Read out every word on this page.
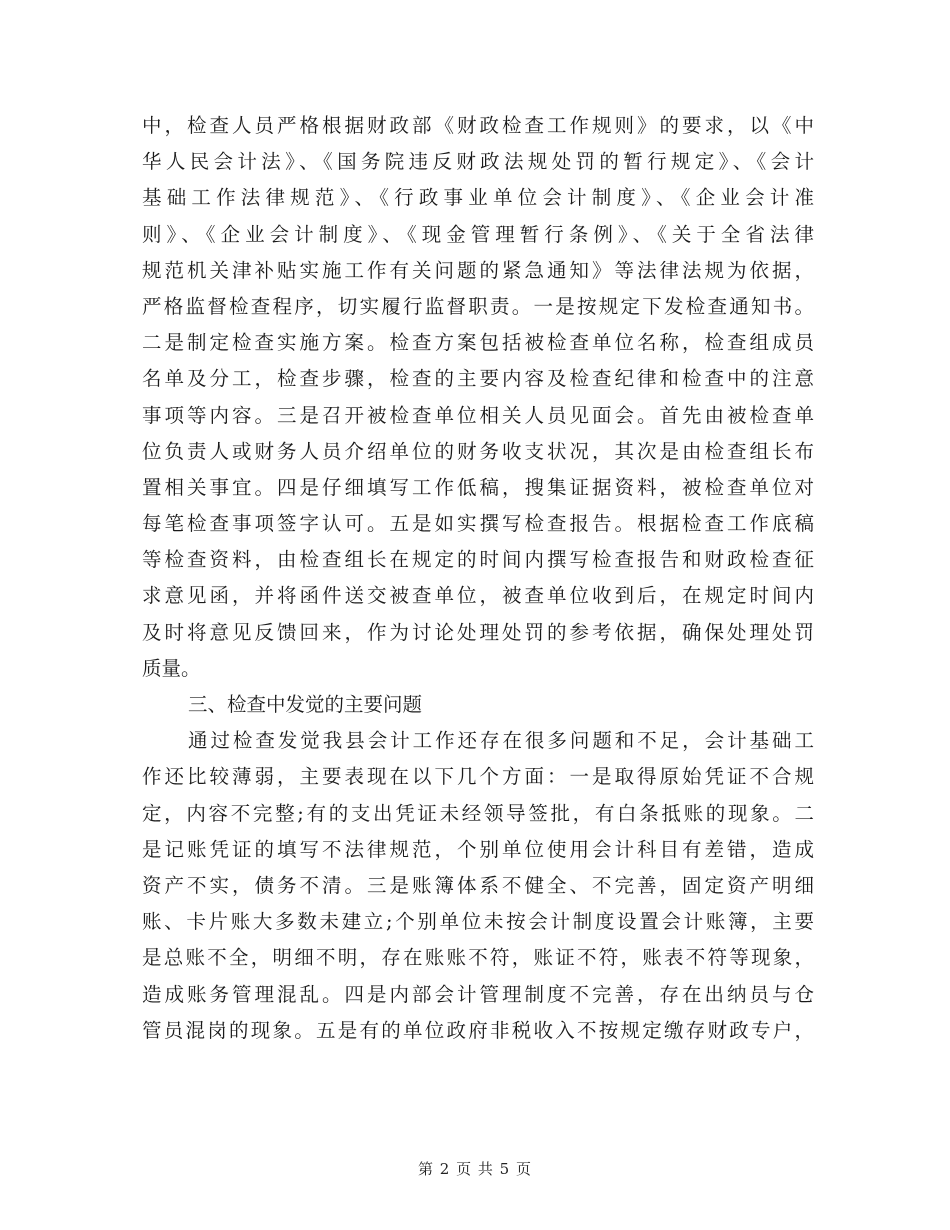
中，检查人员严格根据财政部《财政检查工作规则》的要求，以《中
华人民会计法》、《国务院违反财政法规处罚的暂行规定》、《会计
基础工作法律规范》、《行政事业单位会计制度》、《企业会计准
则》、《企业会计制度》、《现金管理暂行条例》、《关于全省法律
规范机关津补贴实施工作有关问题的紧急通知》等法律法规为依据，
严格监督检查程序，切实履行监督职责。一是按规定下发检查通知书。
二是制定检查实施方案。检查方案包括被检查单位名称，检查组成员
名单及分工，检查步骤，检查的主要内容及检查纪律和检查中的注意
事项等内容。三是召开被检查单位相关人员见面会。首先由被检查单
位负责人或财务人员介绍单位的财务收支状况，其次是由检查组长布
置相关事宜。四是仔细填写工作低稿，搜集证据资料，被检查单位对
每笔检查事项签字认可。五是如实撰写检查报告。根据检查工作底稿
等检查资料，由检查组长在规定的时间内撰写检查报告和财政检查征
求意见函，并将函件送交被查单位，被查单位收到后，在规定时间内
及时将意见反馈回来，作为讨论处理处罚的参考依据，确保处理处罚
质量。
三、检查中发觉的主要问题
通过检查发觉我县会计工作还存在很多问题和不足，会计基础工
作还比较薄弱，主要表现在以下几个方面：一是取得原始凭证不合规
定，内容不完整;有的支出凭证未经领导签批，有白条抵账的现象。二
是记账凭证的填写不法律规范，个别单位使用会计科目有差错，造成
资产不实，债务不清。三是账簿体系不健全、不完善，固定资产明细
账、卡片账大多数未建立;个别单位未按会计制度设置会计账簿，主要
是总账不全，明细不明，存在账账不符，账证不符，账表不符等现象，
造成账务管理混乱。四是内部会计管理制度不完善，存在出纳员与仓
管员混岗的现象。五是有的单位政府非税收入不按规定缴存财政专户，
第 2 页 共 5 页
